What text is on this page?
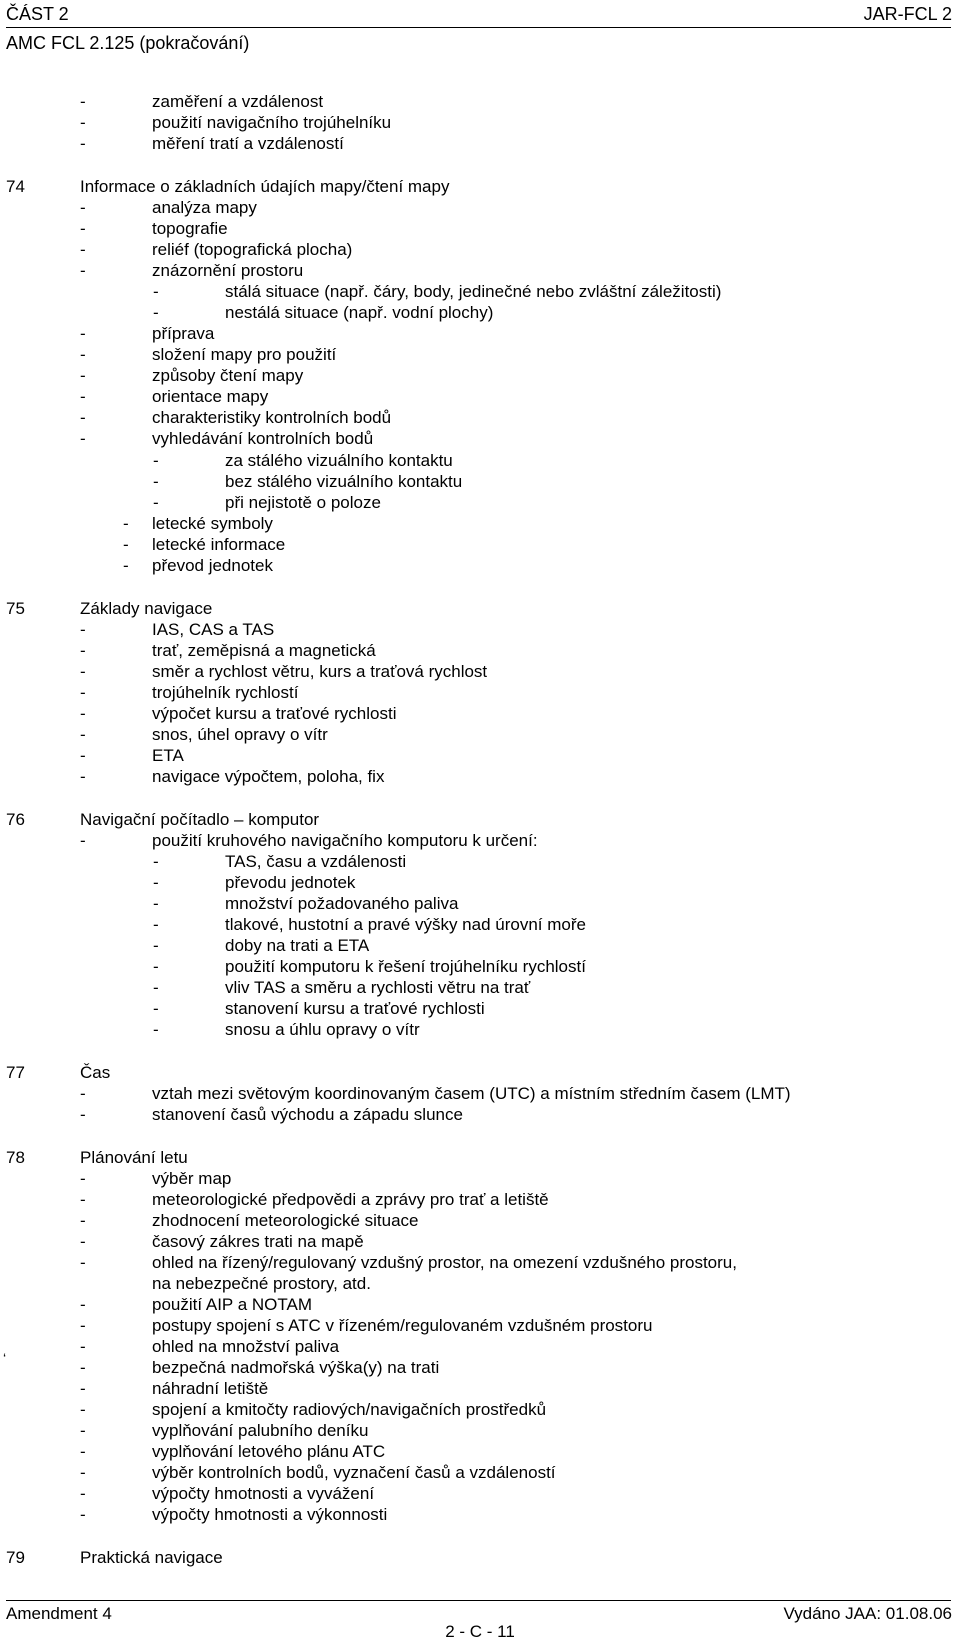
ČÁST 2	JAR-FCL 2
AMC FCL 2.125 (pokračování)
-	zaměření a vzdálenost
-	použití navigačního trojúhelníku
-	měření tratí a vzdáleností
74	Informace o základních údajích mapy/čtení mapy
-	analýza mapy
-	topografie
-	reliéf (topografická plocha)
-	znázornění prostoru
-	stálá situace (např. čáry, body, jedinečné nebo zvláštní záležitosti)
-	nestálá situace (např. vodní plochy)
-	příprava
-	složení mapy pro použití
-	způsoby čtení mapy
-	orientace mapy
-	charakteristiky kontrolních bodů
-	vyhledávání kontrolních bodů
-	za stálého vizuálního kontaktu
-	bez stálého vizuálního kontaktu
-	při nejistotě o poloze
- letecké symboly
- letecké informace
- převod jednotek
75	Základy navigace
-	IAS, CAS a TAS
-	trať, zeměpisná a magnetická
-	směr a rychlost větru, kurs a traťová rychlost
-	trojúhelník rychlostí
-	výpočet kursu a traťové rychlosti
-	snos, úhel opravy o vítr
-	ETA
-	navigace výpočtem, poloha, fix
76	Navigační počítadlo – komputor
-	použití kruhového navigačního komputoru k určení:
-	TAS, času a vzdálenosti
-	převodu jednotek
-	množství požadovaného paliva
-	tlakové, hustotní a pravé výšky nad úrovní moře
-	doby na trati a ETA
-	použití komputoru k řešení trojúhelníku rychlostí
-	vliv TAS a směru a rychlosti větru na trať
-	stanovení kursu a traťové rychlosti
-	snosu a úhlu opravy o vítr
77	Čas
-	vztah mezi světovým koordinovaným časem (UTC) a místním středním časem (LMT)
-	stanovení časů východu a západu slunce
78	Plánování letu
-	výběr map
-	meteorologické předpovědi a zprávy pro trať a letiště
-	zhodnocení meteorologické situace
-	časový zákres trati na mapě
-	ohled na řízený/regulovaný vzdušný prostor, na omezení vzdušného prostoru,
na nebezpečné prostory, atd.
-	použití AIP a NOTAM
-	postupy spojení s ATC v řízeném/regulovaném vzdušném prostoru
-	ohled na množství paliva
-	bezpečná nadmořská výška(y) na trati
-	náhradní letiště
-	spojení a kmitočty radiových/navigačních prostředků
-	vyplňování palubního deníku
-	vyplňování letového plánu ATC
-	výběr kontrolních bodů, vyznačení časů a vzdáleností
-	výpočty hmotnosti a vyvážení
-	výpočty hmotnosti a výkonnosti
79	Praktická navigace
‘
Amendment 4	Vydáno JAA: 01.08.06
2 - C - 11
